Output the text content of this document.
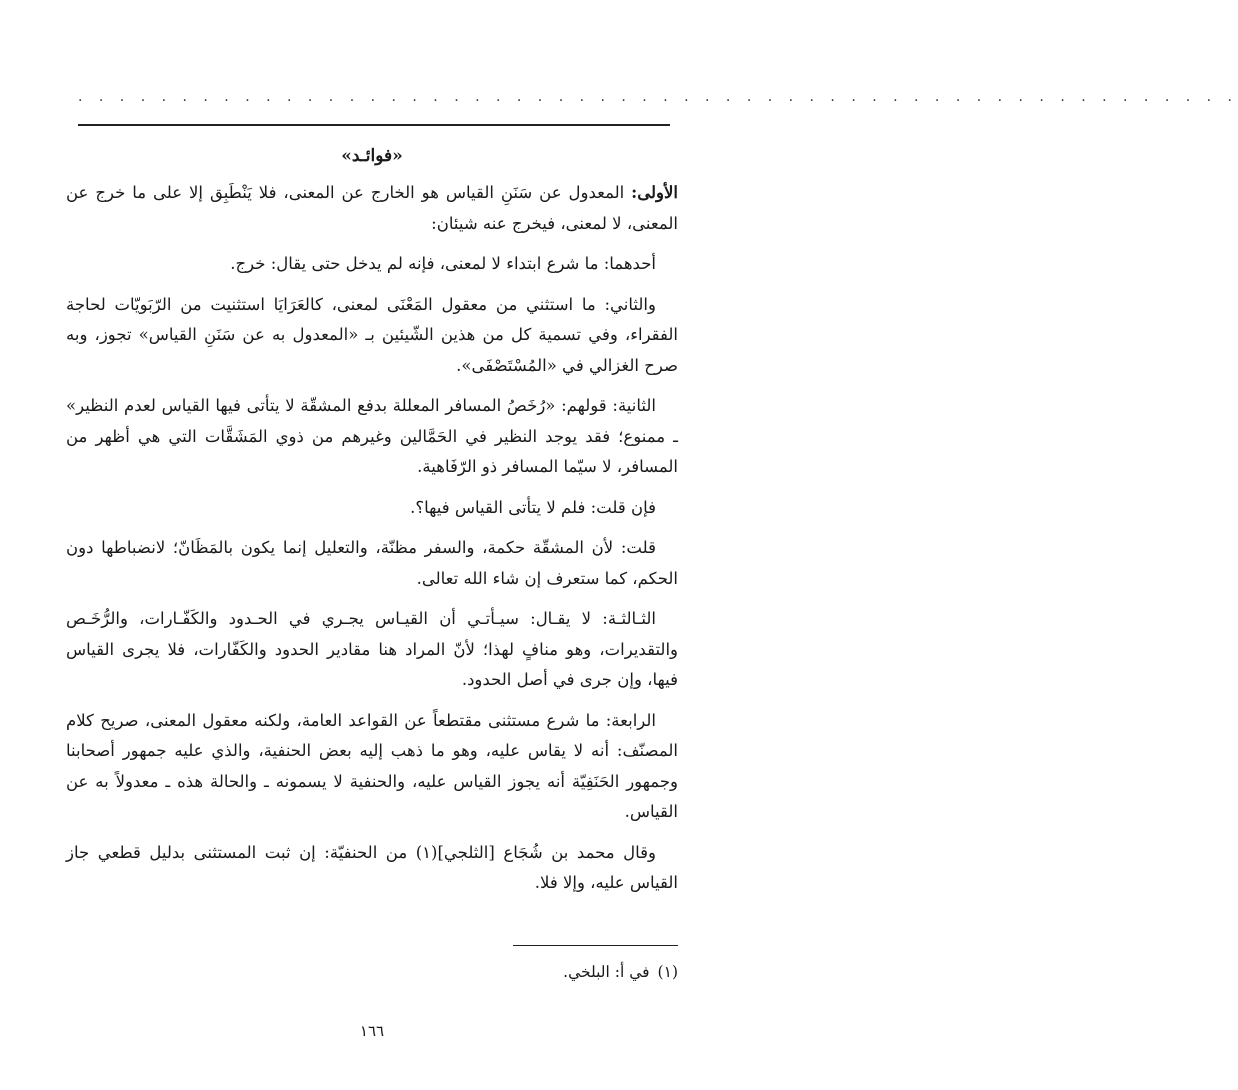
. . . . . . . . . . . . . . . . . . . . . . . . . . . . . . . . . . . . . . . . . . . . . . . . . . . . . . . .
«فوائـد»

الأولى: المعدول عن سَنَنِ القياس هو الخارج عن المعنى، فلا يَنْطَبِق إلا على ما خرج عن المعنى، لا لمعنى، فيخرج عنه شيئان:

أحدهما: ما شرع ابتداء لا لمعنى، فإنه لم يدخل حتى يقال: خرج.

والثاني: ما استثني من معقول المَعْنَى لمعنى، كالعَرَايَا استثنيت من الرّبَويّات لحاجة الفقراء، وفي تسمية كل من هذين الشّيئين بـ «المعدول به عن سَنَنِ القياس» تجوز، وبه صرح الغزالي في «المُسْتَصْفَى».

الثانية: قولهم: «رُخَصُ المسافر المعللة بدفع المشقّة لا يتأتى فيها القياس لعدم النظير» ـ ممنوع؛ فقد يوجد النظير في الحَمَّالين وغيرهم من ذوي المَشَقَّات التي هي أظهر من المسافر، لا سيّما المسافر ذو الرّفَاهية.

فإن قلت: فلم لا يتأتى القياس فيها؟.

قلت: لأن المشقّة حكمة، والسفر مظنّة، والتعليل إنما يكون بالمَظَانّ؛ لانضباطها دون الحكم، كما ستعرف إن شاء الله تعالى.

الثـالثـة: لا يقـال: سيـأتـي أن القيـاس يجـري في الحـدود والكَفّـارات، والرُّخَـص والتقديرات، وهو منافٍ لهذا؛ لأنّ المراد هنا مقادير الحدود والكَفّارات، فلا يجرى القياس فيها، وإن جرى في أصل الحدود.

الرابعة: ما شرع مستثنى مقتطعاً عن القواعد العامة، ولكنه معقول المعنى، صريح كلام المصنّف: أنه لا يقاس عليه، وهو ما ذهب إليه بعض الحنفية، والذي عليه جمهور أصحابنا وجمهور الحَنَفِيّة أنه يجوز القياس عليه، والحنفية لا يسمونه ـ والحالة هذه ـ معدولاً به عن القياس.

وقال محمد بن شُجَاع [الثلجي](١) من الحنفيّة: إن ثبت المستثنى بدليل قطعي جاز القياس عليه، وإلا فلا.

(١)في أ: البلخي.
١٦٦
